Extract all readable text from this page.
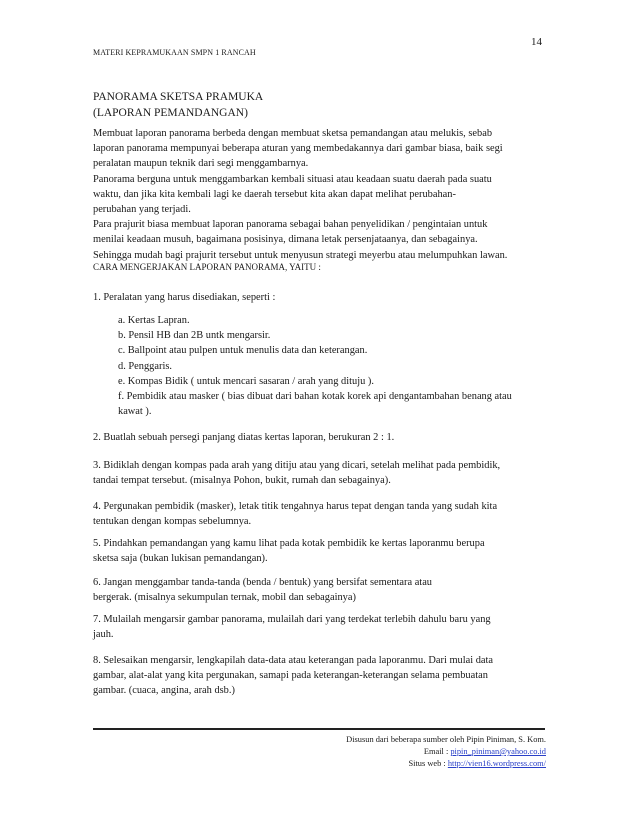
14
MATERI KEPRAMUKAAN SMPN 1 RANCAH
PANORAMA SKETSA PRAMUKA
(LAPORAN PEMANDANGAN)
Membuat laporan panorama berbeda dengan membuat sketsa pemandangan atau melukis, sebab
laporan panorama mempunyai beberapa aturan yang membedakannya dari gambar biasa, baik segi
peralatan maupun teknik dari segi menggambarnya.
Panorama berguna untuk menggambarkan kembali situasi atau keadaan suatu daerah pada suatu
waktu, dan jika kita kembali lagi ke daerah tersebut kita akan dapat melihat perubahan-
perubahan yang terjadi.
Para prajurit biasa membuat laporan panorama sebagai bahan penyelidikan / pengintaian untuk
menilai keadaan musuh, bagaimana posisinya, dimana letak persenjataanya, dan sebagainya.
Sehingga mudah bagi prajurit tersebut untuk menyusun strategi meyerbu atau melumpuhkan lawan.
CARA MENGERJAKAN LAPORAN PANORAMA, YAITU :
1. Peralatan yang harus disediakan, seperti :
a. Kertas Lapran.
b. Pensil HB dan 2B untk mengarsir.
c. Ballpoint atau pulpen untuk menulis data dan keterangan.
d. Penggaris.
e. Kompas Bidik ( untuk mencari sasaran / arah yang dituju ).
f. Pembidik atau masker ( bias dibuat dari bahan kotak korek api dengantambahan benang atau
kawat ).
2. Buatlah sebuah persegi panjang diatas kertas laporan, berukuran 2 : 1.
3. Bidiklah dengan kompas pada arah yang ditiju atau yang dicari, setelah melihat pada pembidik,
tandai tempat tersebut. (misalnya Pohon, bukit, rumah dan sebagainya).
4. Pergunakan pembidik (masker), letak titik tengahnya harus tepat dengan tanda yang sudah kita
tentukan dengan kompas sebelumnya.
5. Pindahkan pemandangan yang kamu lihat pada kotak pembidik ke kertas laporanmu berupa
sketsa saja (bukan lukisan pemandangan).
6. Jangan menggambar tanda-tanda (benda / bentuk) yang bersifat sementara atau
bergerak. (misalnya sekumpulan ternak, mobil dan sebagainya)
7. Mulailah mengarsir gambar panorama, mulailah dari yang terdekat terlebih dahulu baru yang
jauh.
8. Selesaikan mengarsir, lengkapilah data-data atau keterangan pada laporanmu. Dari mulai data
gambar, alat-alat yang kita pergunakan, samapi pada keterangan-keterangan selama pembuatan
gambar. (cuaca, angina, arah dsb.)
Disusun dari beberapa sumber oleh Pipin Piniman, S. Kom.
Email : pipin_piniman@yahoo.co.id
Situs web : http://vien16.wordpress.com/
